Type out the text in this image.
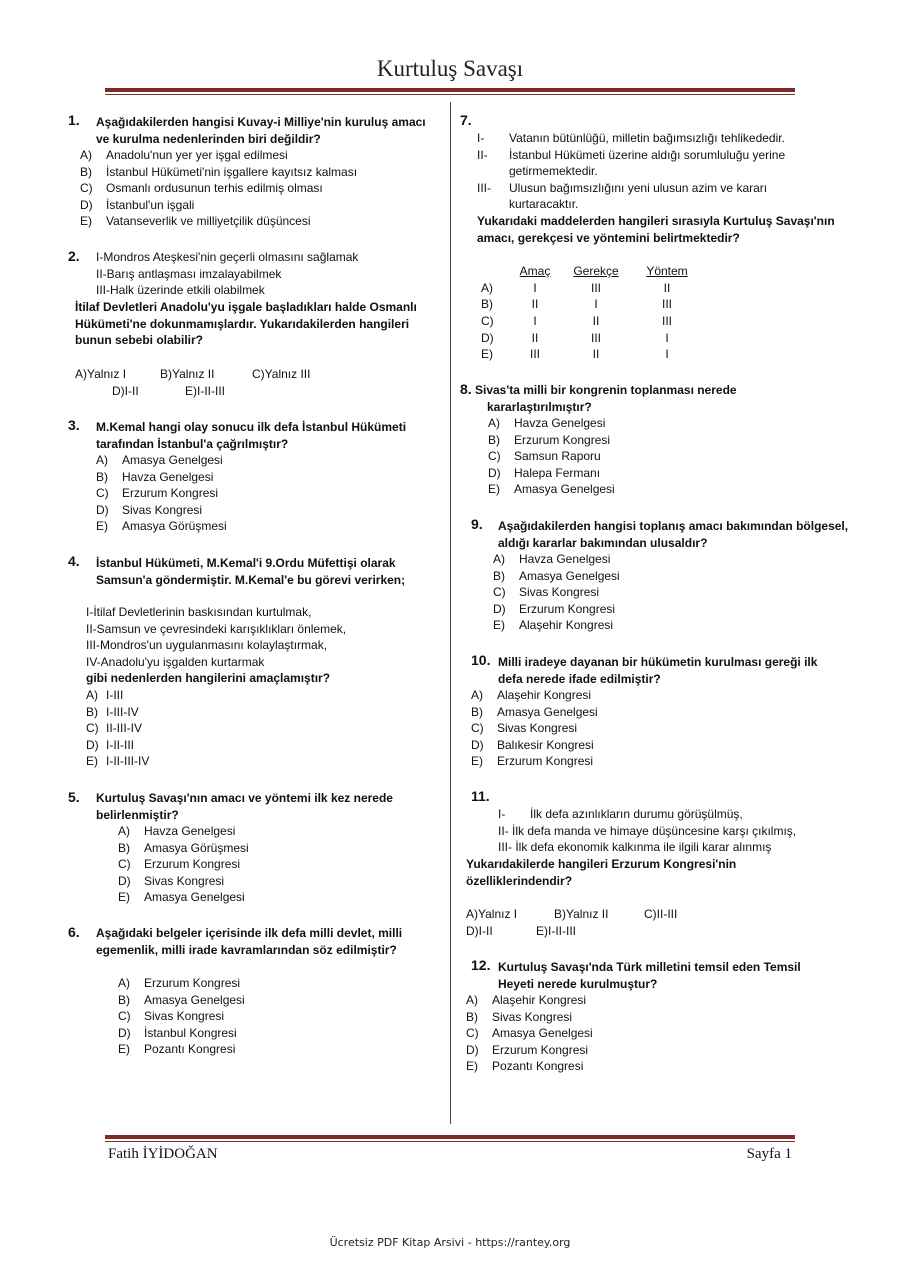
Kurtuluş Savaşı
1. Aşağıdakilerden hangisi Kuvay-i Milliye'nin kuruluş amacı
ve kurulma nedenlerinden biri değildir?
A)	Anadolu'nun yer yer işgal edilmesi
B)	İstanbul Hükümeti'nin işgallere kayıtsız kalması
C)	Osmanlı ordusunun terhis edilmiş olması
D)	İstanbul'un işgali
E)	Vatanseverlik ve milliyetçilik düşüncesi
2. I-Mondros Ateşkesi'nin geçerli olmasını sağlamak
II-Barış antlaşması imzalayabilmek
III-Halk üzerinde etkili olabilmek
İtilaf Devletleri Anadolu'yu işgale başladıkları halde Osmanlı
Hükümeti'ne dokunmamışlardır. Yukarıdakilerden hangileri
bunun sebebi olabilir?
A)Yalnız I	B)Yalnız II	C)Yalnız III
D)I-II	E)I-II-III
3. M.Kemal hangi olay sonucu ilk defa İstanbul Hükümeti
tarafından İstanbul'a çağrılmıştır?
A)	Amasya Genelgesi
B)	Havza Genelgesi
C)	Erzurum Kongresi
D)	Sivas Kongresi
E)	Amasya Görüşmesi
4. İstanbul Hükümeti, M.Kemal'i 9.Ordu Müfettişi olarak
Samsun'a göndermiştir. M.Kemal'e bu görevi verirken;
I-İtilaf Devletlerinin baskısından kurtulmak,
II-Samsun ve çevresindeki karışıklıkları önlemek,
III-Mondros'un uygulanmasını kolaylaştırmak,
IV-Anadolu'yu işgalden kurtarmak
gibi nedenlerden hangilerini amaçlamıştır?
A) I-III
B) I-III-IV
C) II-III-IV
D) I-II-III
E) I-II-III-IV
5. Kurtuluş Savaşı'nın amacı ve yöntemi ilk kez nerede
belirlenmiştir?
A)	Havza Genelgesi
B)	Amasya Görüşmesi
C)	Erzurum Kongresi
D)	Sivas Kongresi
E)	Amasya Genelgesi
6. Aşağıdaki belgeler içerisinde ilk defa milli devlet, milli
egemenlik, milli irade kavramlarından söz edilmiştir?
A)	Erzurum Kongresi
B)	Amasya Genelgesi
C)	Sivas Kongresi
D)	İstanbul Kongresi
E)	Pozantı Kongresi
7.
I-	Vatanın bütünlüğü, milletin bağımsızlığı tehlikededir.
II-	İstanbul Hükümeti üzerine aldığı sorumluluğu yerine
getirmemektedir.
III-	Ulusun bağımsızlığını yeni ulusun azim ve kararı
kurtaracaktır.
Yukarıdaki maddelerden hangileri sırasıyla Kurtuluş Savaşı'nın
amacı, gerekçesi ve yöntemini belirtmektedir?
	Amaç	Gerekçe	Yöntem
A)	I	III	II
B)	II	I	III
C)	I	II	III
D)	II	III	I
E)	III	II	I
8. Sivas'ta milli bir kongrenin toplanması nerede
kararlaştırılmıştır?
A)	Havza Genelgesi
B)	Erzurum Kongresi
C)	Samsun Raporu
D)	Halepa Fermanı
E)	Amasya Genelgesi
9. Aşağıdakilerden hangisi toplanış amacı bakımından bölgesel,
aldığı kararlar bakımından ulusaldır?
A)	Havza Genelgesi
B)	Amasya Genelgesi
C)	Sivas Kongresi
D)	Erzurum Kongresi
E)	Alaşehir Kongresi
10. Milli iradeye dayanan bir hükümetin kurulması gereği ilk
defa nerede ifade edilmiştir?
A)	Alaşehir Kongresi
B)	Amasya Genelgesi
C)	Sivas Kongresi
D)	Balıkesir Kongresi
E)	Erzurum Kongresi
11.
I-	İlk defa azınlıkların durumu görüşülmüş,
II- İlk defa manda ve himaye düşüncesine karşı çıkılmış,
III- İlk defa ekonomik kalkınma ile ilgili karar alınmış
Yukarıdakilerde hangileri Erzurum Kongresi'nin
özelliklerindendir?
A)Yalnız I	B)Yalnız II	C)II-III
D)I-II	E)I-II-III
12. Kurtuluş Savaşı'nda Türk milletini temsil eden Temsil
Heyeti nerede kurulmuştur?
A)	Alaşehir Kongresi
B)	Sivas Kongresi
C)	Amasya Genelgesi
D)	Erzurum Kongresi
E)	Pozantı Kongresi
Fatih İYİDOĞAN	Sayfa 1
Ücretsiz PDF Kitap Arsivi - https://rantey.org
